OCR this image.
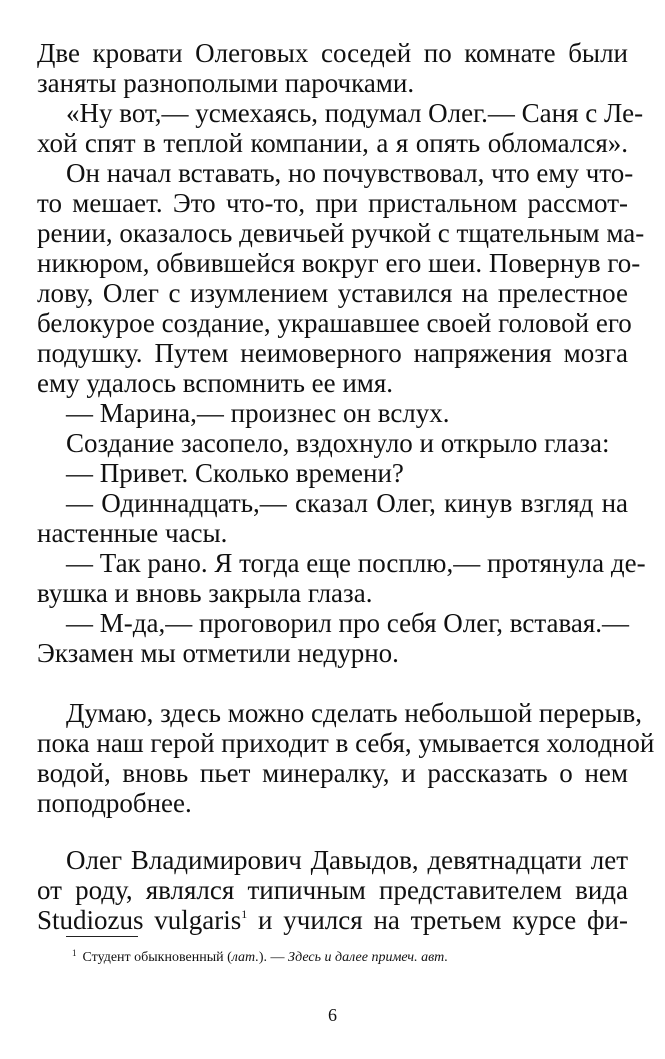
Две кровати Олеговых соседей по комнате были
заняты разнополыми парочками.
«Ну вот,— усмехаясь, подумал Олег.— Саня с Ле-
хой спят в теплой компании, а я опять обломался».
Он начал вставать, но почувствовал, что ему что-
то мешает. Это что-то, при пристальном рассмот-
рении, оказалось девичьей ручкой с тщательным ма-
никюром, обвившейся вокруг его шеи. Повернув го-
лову, Олег с изумлением уставился на прелестное
белокурое создание, украшавшее своей головой его
подушку. Путем неимоверного напряжения мозга
ему удалось вспомнить ее имя.
— Марина,— произнес он вслух.
Создание засопело, вздохнуло и открыло глаза:
— Привет. Сколько времени?
— Одиннадцать,— сказал Олег, кинув взгляд на
настенные часы.
— Так рано. Я тогда еще посплю,— протянула де-
вушка и вновь закрыла глаза.
— М-да,— проговорил про себя Олег, вставая.—
Экзамен мы отметили недурно.
Думаю, здесь можно сделать небольшой перерыв,
пока наш герой приходит в себя, умывается холодной
водой, вновь пьет минералку, и рассказать о нем
поподробнее.
Олег Владимирович Давыдов, девятнадцати лет
от роду, являлся типичным представителем вида
Studiozus vulgaris$^1$ и учился на третьем курсе фи-
$^1$ Студент обыкновенный (лат.). — Здесь и далее примеч. авт.
6
